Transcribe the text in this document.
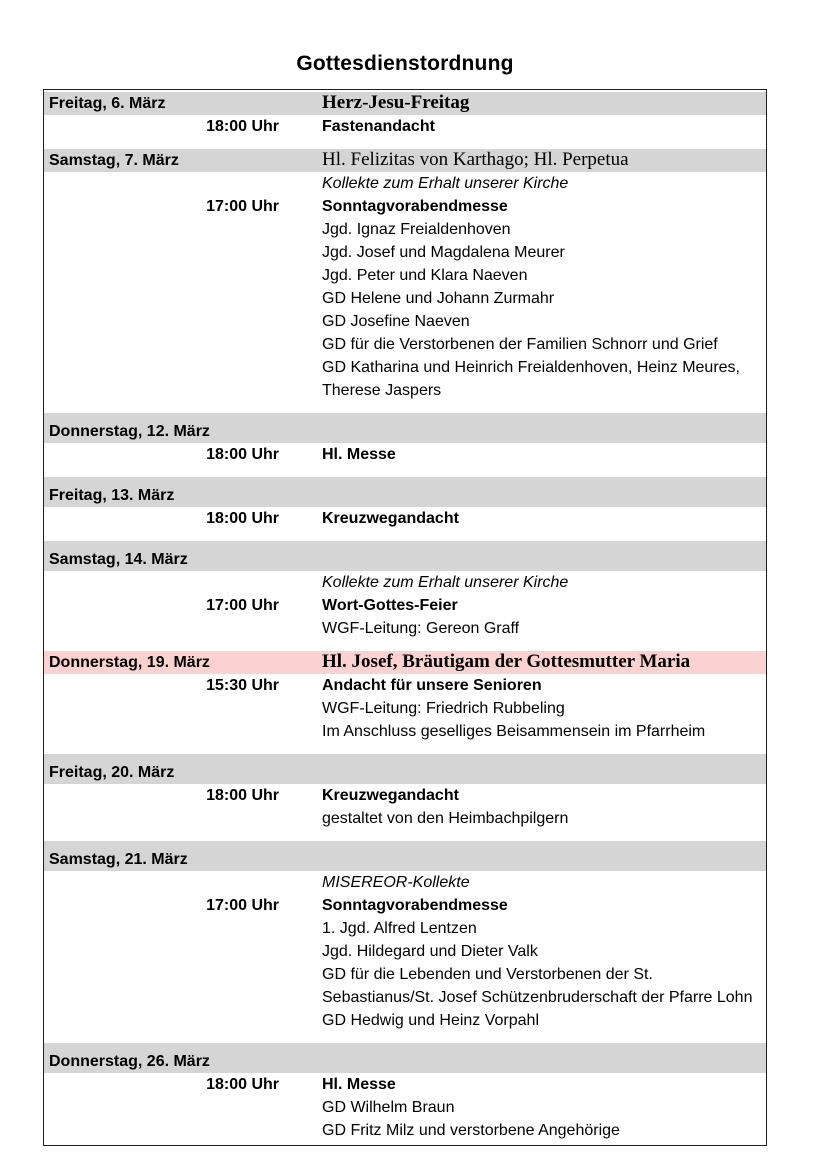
Gottesdienstordnung
Freitag, 6. März	Herz-Jesu-Freitag
18:00 Uhr	Fastenandacht
Samstag, 7. März	Hl. Felizitas von Karthago; Hl. Perpetua
Kollekte zum Erhalt unserer Kirche
17:00 Uhr	Sonntagvorabendmesse
Jgd. Ignaz Freialdenhoven
Jgd. Josef und Magdalena Meurer
Jgd. Peter und Klara Naeven
GD Helene und Johann Zurmahr
GD Josefine Naeven
GD für die Verstorbenen der Familien Schnorr und Grief
GD Katharina und Heinrich Freialdenhoven, Heinz Meures, Therese Jaspers
Donnerstag, 12. März
18:00 Uhr	Hl. Messe
Freitag, 13. März
18:00 Uhr	Kreuzwegandacht
Samstag, 14. März
Kollekte zum Erhalt unserer Kirche
17:00 Uhr	Wort-Gottes-Feier
WGF-Leitung: Gereon Graff
Donnerstag, 19. März	Hl. Josef, Bräutigam der Gottesmutter Maria
15:30 Uhr	Andacht für unsere Senioren
WGF-Leitung: Friedrich Rubbeling
Im Anschluss geselliges Beisammensein im Pfarrheim
Freitag, 20. März
18:00 Uhr	Kreuzwegandacht
gestaltet von den Heimbachpilgern
Samstag, 21. März
MISEREOR-Kollekte
17:00 Uhr	Sonntagvorabendmesse
1. Jgd. Alfred Lentzen
Jgd. Hildegard und Dieter Valk
GD für die Lebenden und Verstorbenen der St. Sebastianus/St. Josef Schützenbruderschaft der Pfarre Lohn
GD Hedwig und Heinz Vorpahl
Donnerstag, 26. März
18:00 Uhr	Hl. Messe
GD Wilhelm Braun
GD Fritz Milz und verstorbene Angehörige
